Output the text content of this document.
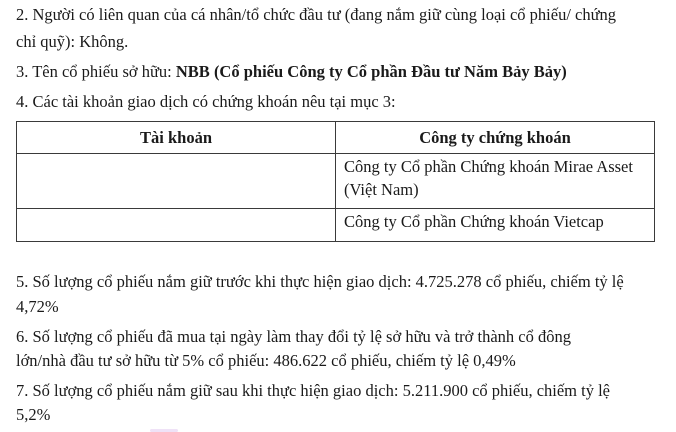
2. Người có liên quan của cá nhân/tổ chức đầu tư (đang nắm giữ cùng loại cổ phiếu/ chứng
chỉ quỹ): Không.
3. Tên cổ phiếu sở hữu: NBB (Cổ phiếu Công ty Cổ phần Đầu tư Năm Bảy Bảy)
4. Các tài khoản giao dịch có chứng khoán nêu tại mục 3:
Tài khoản	Công ty chứng khoán

	Công ty Cổ phần Chứng khoán Mirae Asset
(Việt Nam)

	Công ty Cổ phần Chứng khoán Vietcap
5. Số lượng cổ phiếu nắm giữ trước khi thực hiện giao dịch: 4.725.278 cổ phiếu, chiếm tỷ lệ
4,72%
6. Số lượng cổ phiếu đã mua tại ngày làm thay đổi tỷ lệ sở hữu và trở thành cổ đông
lớn/nhà đầu tư sở hữu từ 5% cổ phiếu: 486.622 cổ phiếu, chiếm tỷ lệ 0,49%
7. Số lượng cổ phiếu nắm giữ sau khi thực hiện giao dịch: 5.211.900 cổ phiếu, chiếm tỷ lệ
5,2%
